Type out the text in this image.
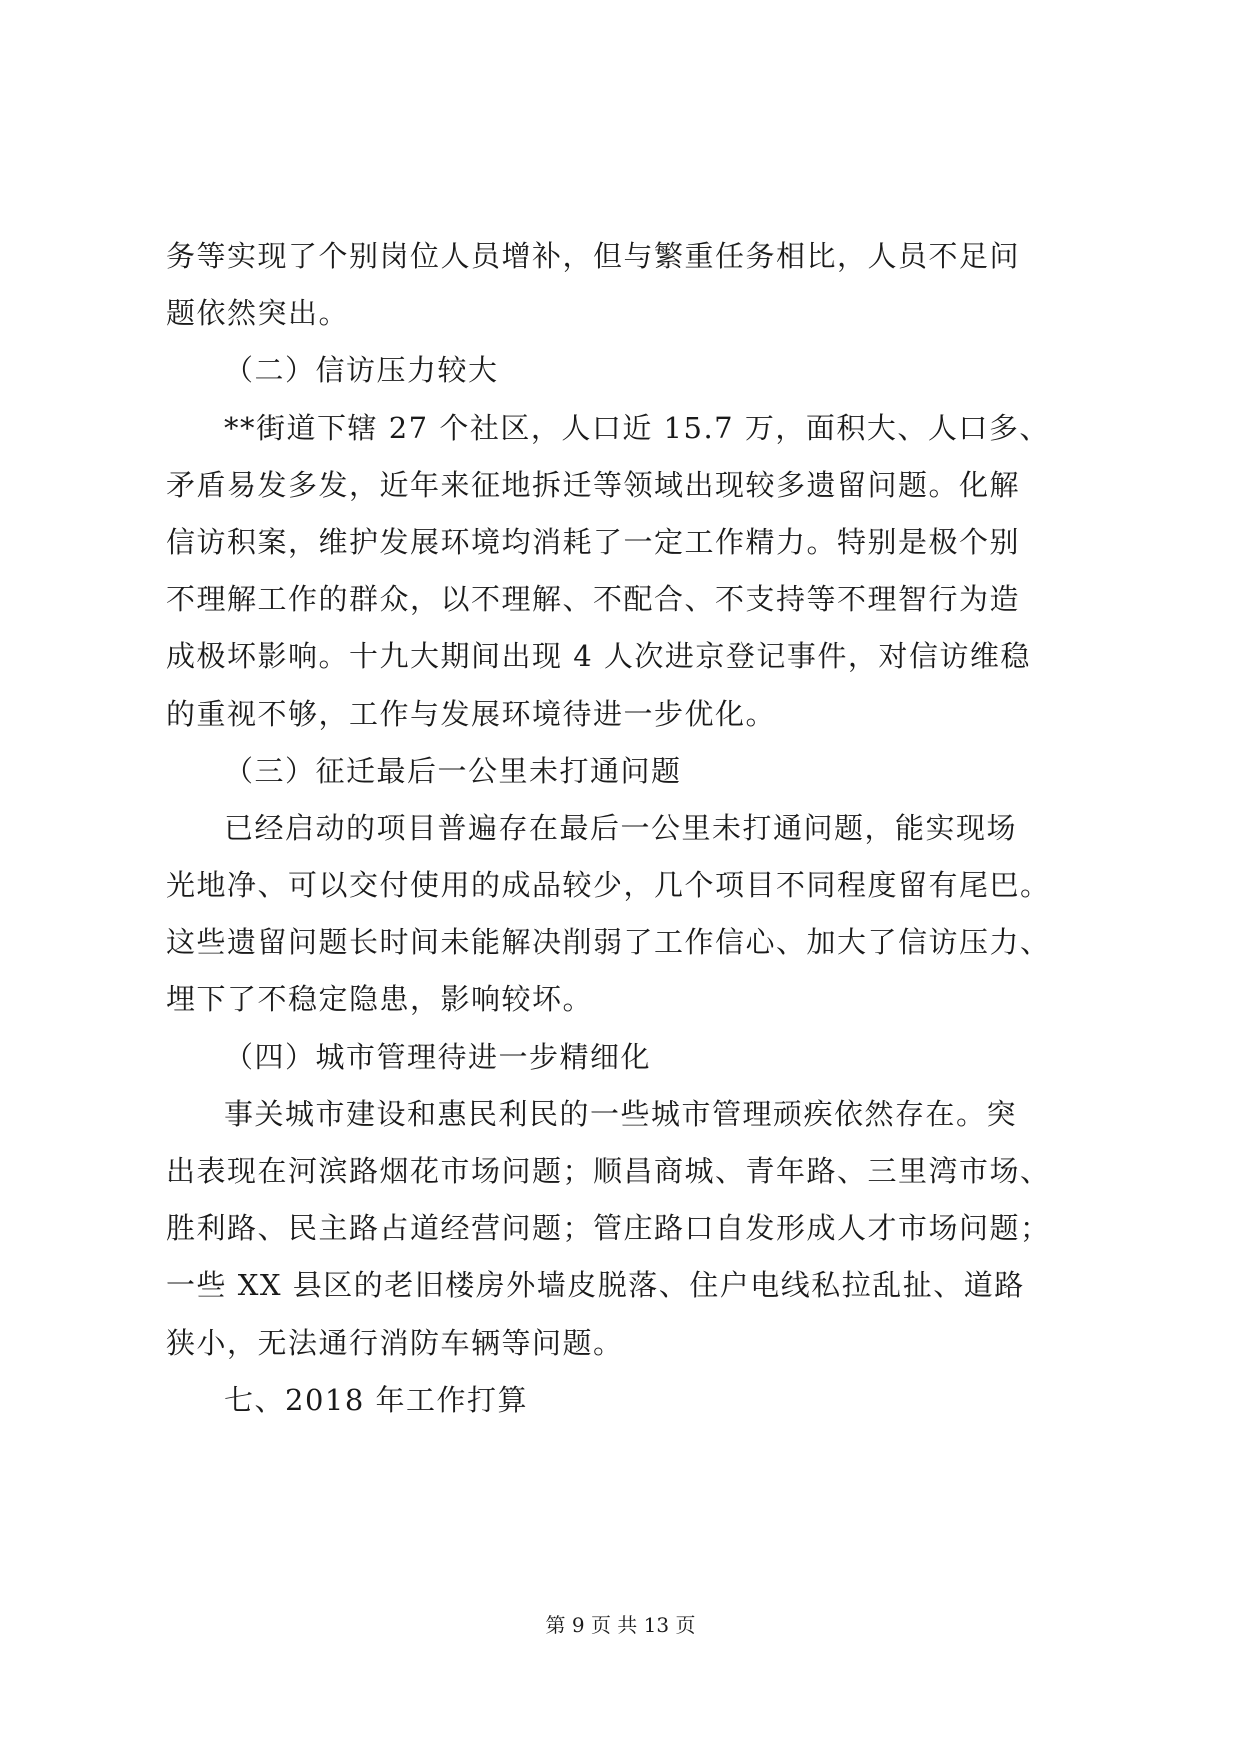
务等实现了个别岗位人员增补，但与繁重任务相比，人员不足问
题依然突出。
（二）信访压力较大
**街道下辖 27 个社区，人口近 15.7 万，面积大、人口多、
矛盾易发多发，近年来征地拆迁等领域出现较多遗留问题。化解
信访积案，维护发展环境均消耗了一定工作精力。特别是极个别
不理解工作的群众，以不理解、不配合、不支持等不理智行为造
成极坏影响。十九大期间出现 4 人次进京登记事件，对信访维稳
的重视不够，工作与发展环境待进一步优化。
（三）征迁最后一公里未打通问题
已经启动的项目普遍存在最后一公里未打通问题，能实现场
光地净、可以交付使用的成品较少，几个项目不同程度留有尾巴。
这些遗留问题长时间未能解决削弱了工作信心、加大了信访压力、
埋下了不稳定隐患，影响较坏。
（四）城市管理待进一步精细化
事关城市建设和惠民利民的一些城市管理顽疾依然存在。突
出表现在河滨路烟花市场问题；顺昌商城、青年路、三里湾市场、
胜利路、民主路占道经营问题；管庄路口自发形成人才市场问题；
一些 XX 县区的老旧楼房外墙皮脱落、住户电线私拉乱扯、道路
狭小，无法通行消防车辆等问题。
七、2018 年工作打算
第 9 页 共 13 页
